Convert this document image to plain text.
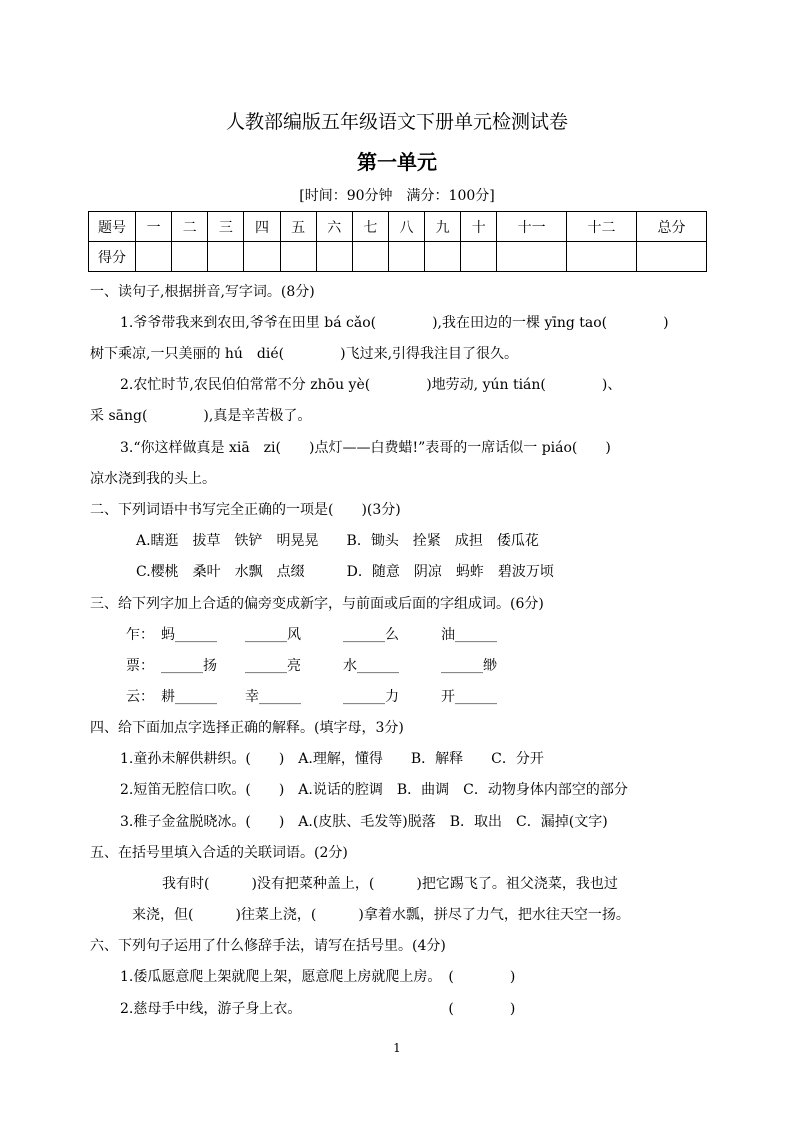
人教部编版五年级语文下册单元检测试卷
第一单元
[时间：90分钟　满分：100分]
题号	一	二	三	四	五	六	七	八	九	十	十一	十二	总分
得分													
一、读句子,根据拼音,写字词。(8分)
1.爷爷带我来到农田,爷爷在田里 bá cǎo(　　　　),我在田边的一棵 yīng tao(　　　　)
树下乘凉,一只美丽的 hú　dié(　　　　)飞过来,引得我注目了很久。
2.农忙时节,农民伯伯常常不分 zhōu yè(　　　　)地劳动, yún tián(　　　　)、
采 sāng(　　　　),真是辛苦极了。
3.“你这样做真是 xiā　zi(　　)点灯——白费蜡!”表哥的一席话似一 piáo(　　)
凉水浇到我的头上。
二、下列词语中书写完全正确的一项是(　　)(3分)
A.瞎逛　拔草　铁铲　明晃晃　　B．锄头　拴紧　成担　倭瓜花
C.樱桃　桑叶　水飘　点缀　　　D．随意　阴凉　蚂蚱　碧波万顷
三、给下列字加上合适的偏旁变成新字，与前面或后面的字组成词。(6分)
乍：　蚂______　　______风　　　______么　　　油______
票：　______扬　　______亮　　　水______　　　______缈
云：　耕______　　幸______　　　______力　　　开______
四、给下面加点字选择正确的解释。(填字母，3分)
1.童孙未解供耕织。(　　)　A.理解，懂得　　B．解释　　C．分开
2.短笛无腔信口吹。(　　)　A.说话的腔调　B．曲调　C．动物身体内部空的部分
3.稚子金盆脱晓冰。(　　)　A.(皮肤、毛发等)脱落　B．取出　C．漏掉(文字)
五、在括号里填入合适的关联词语。(2分)
我有时(　　　)没有把菜种盖上，(　　　)把它踢飞了。祖父浇菜，我也过
来浇，但(　　　)往菜上浇，(　　　)拿着水瓢，拼尽了力气，把水往天空一扬。
六、下列句子运用了什么修辞手法，请写在括号里。(4分)
1.倭瓜愿意爬上架就爬上架，愿意爬上房就爬上房。　(　　　　)
2.慈母手中线，游子身上衣。　　　　　　　　　　　(　　　　)
1
